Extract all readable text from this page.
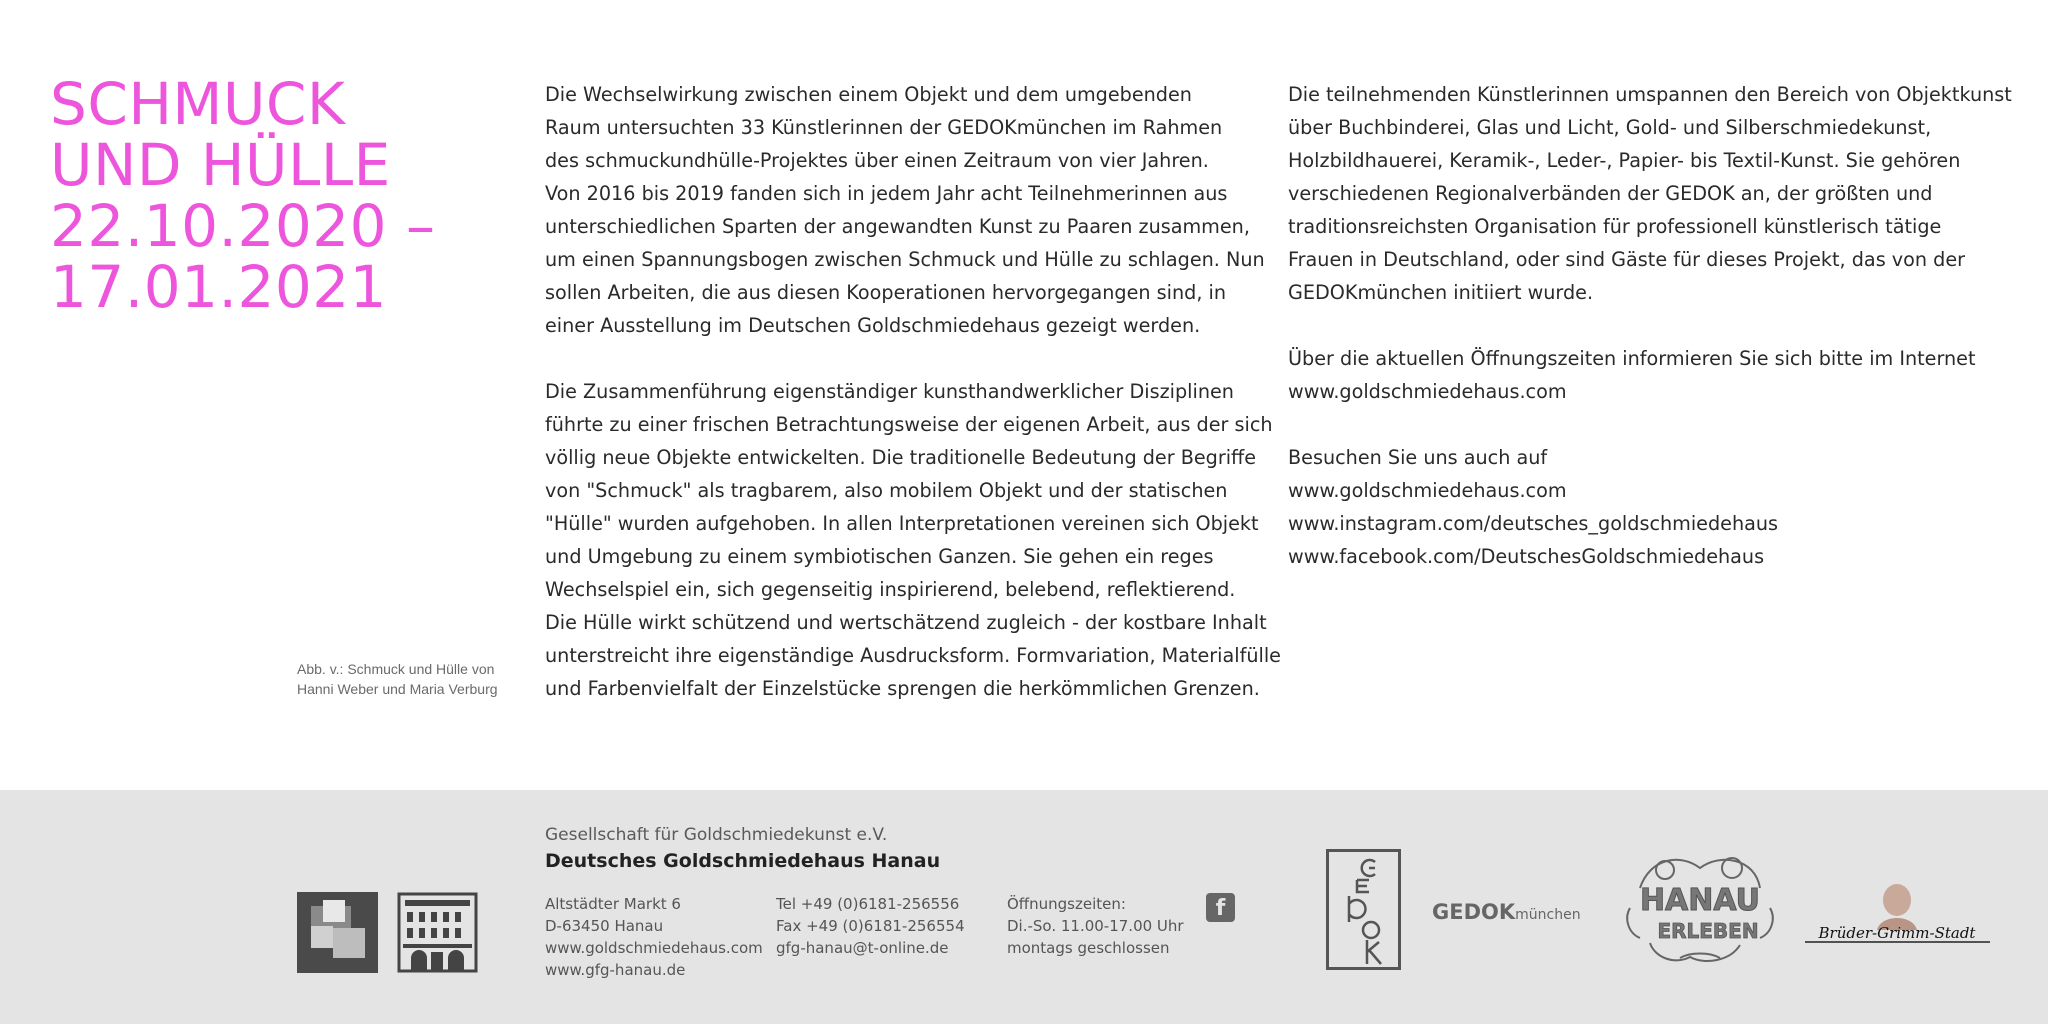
SCHMUCK
UND HÜLLE
22.10.2020 –
17.01.2021
Abb. v.: Schmuck und Hülle von
Hanni Weber und Maria Verburg
Die Wechselwirkung zwischen einem Objekt und dem umgebenden
Raum untersuchten 33 Künstlerinnen der GEDOKmünchen im Rahmen
des schmuckundhülle-Projektes über einen Zeitraum von vier Jahren.
Von 2016 bis 2019 fanden sich in jedem Jahr acht Teilnehmerinnen aus
unterschiedlichen Sparten der angewandten Kunst zu Paaren zusammen,
um einen Spannungsbogen zwischen Schmuck und Hülle zu schlagen. Nun
sollen Arbeiten, die aus diesen Kooperationen hervorgegangen sind, in
einer Ausstellung im Deutschen Goldschmiedehaus gezeigt werden.
Die Zusammenführung eigenständiger kunsthandwerklicher Disziplinen
führte zu einer frischen Betrachtungsweise der eigenen Arbeit, aus der sich
völlig neue Objekte entwickelten. Die traditionelle Bedeutung der Begriffe
von "Schmuck" als tragbarem, also mobilem Objekt und der statischen
"Hülle" wurden aufgehoben. In allen Interpretationen vereinen sich Objekt
und Umgebung zu einem symbiotischen Ganzen. Sie gehen ein reges
Wechselspiel ein, sich gegenseitig inspirierend, belebend, reflektierend.
Die Hülle wirkt schützend und wertschätzend zugleich - der kostbare Inhalt
unterstreicht ihre eigenständige Ausdrucksform. Formvariation, Materialfülle
und Farbenvielfalt der Einzelstücke sprengen die herkömmlichen Grenzen.
Die teilnehmenden Künstlerinnen umspannen den Bereich von Objektkunst
über Buchbinderei, Glas und Licht, Gold- und Silberschmiedekunst,
Holzbildhauerei, Keramik-, Leder-, Papier- bis Textil-Kunst. Sie gehören
verschiedenen Regionalverbänden der GEDOK an, der größten und
traditionsreichsten Organisation für professionell künstlerisch tätige
Frauen in Deutschland, oder sind Gäste für dieses Projekt, das von der
GEDOKmünchen initiiert wurde.
Über die aktuellen Öffnungszeiten informieren Sie sich bitte im Internet
www.goldschmiedehaus.com
Besuchen Sie uns auch auf
www.goldschmiedehaus.com
www.instagram.com/deutsches_goldschmiedehaus
www.facebook.com/DeutschesGoldschmiedehaus
Gesellschaft für Goldschmiedekunst e.V.
Deutsches Goldschmiedehaus Hanau
Altstädter Markt 6
D-63450 Hanau
www.goldschmiedehaus.com
www.gfg-hanau.de
Tel +49 (0)6181-256556
Fax +49 (0)6181-256554
gfg-hanau@t-online.de
Öffnungszeiten:
Di.-So. 11.00-17.00 Uhr
montags geschlossen
f	GEDOKmünchen HANAU
ERLEBEN	Brüder-Grimm-Stadt
